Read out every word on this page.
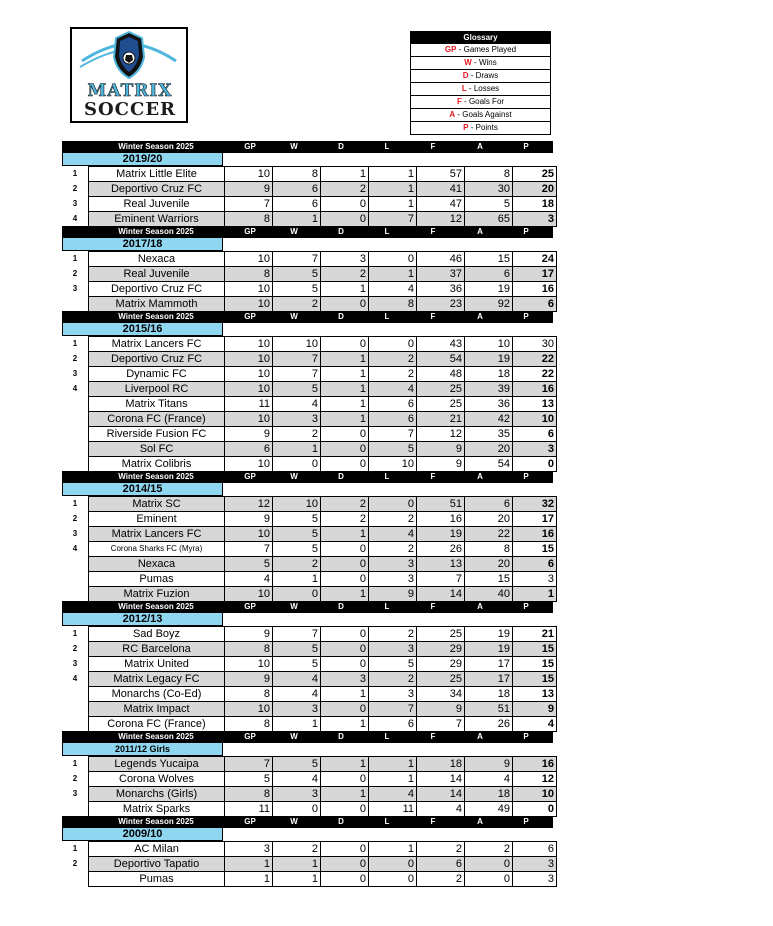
MATRIX
SOCCER
Glossary
GP - Games Played
W - Wins
D - Draws
L - Losses
F - Goals For
A - Goals Against
P - Points
Winter Season 2025	GP	W	D	L	F	A	P
2019/20
1	Matrix Little Elite	10	8	1	1	57	8	25
2	Deportivo Cruz FC	9	6	2	1	41	30	20
3	Real Juvenile	7	6	0	1	47	5	18
4	Eminent Warriors	8	1	0	7	12	65	3
Winter Season 2025	GP	W	D	L	F	A	P
2017/18
1	Nexaca	10	7	3	0	46	15	24
2	Real Juvenile	8	5	2	1	37	6	17
3	Deportivo Cruz FC	10	5	1	4	36	19	16
Matrix Mammoth	10	2	0	8	23	92	6
Winter Season 2025	GP	W	D	L	F	A	P
2015/16
1	Matrix Lancers FC	10	10	0	0	43	10	30
2	Deportivo Cruz FC	10	7	1	2	54	19	22
3	Dynamic FC	10	7	1	2	48	18	22
4	Liverpool RC	10	5	1	4	25	39	16
Matrix Titans	11	4	1	6	25	36	13
Corona FC (France)	10	3	1	6	21	42	10
Riverside Fusion FC	9	2	0	7	12	35	6
Sol FC	6	1	0	5	9	20	3
Matrix Colibris	10	0	0	10	9	54	0
Winter Season 2025	GP	W	D	L	F	A	P
2014/15
1	Matrix SC	12	10	2	0	51	6	32
2	Eminent	9	5	2	2	16	20	17
3	Matrix Lancers FC	10	5	1	4	19	22	16
4	Corona Sharks FC (Myra)	7	5	0	2	26	8	15
Nexaca	5	2	0	3	13	20	6
Pumas	4	1	0	3	7	15	3
Matrix Fuzion	10	0	1	9	14	40	1
Winter Season 2025	GP	W	D	L	F	A	P
2012/13
1	Sad Boyz	9	7	0	2	25	19	21
2	RC Barcelona	8	5	0	3	29	19	15
3	Matrix United	10	5	0	5	29	17	15
4	Matrix Legacy FC	9	4	3	2	25	17	15
Monarchs (Co-Ed)	8	4	1	3	34	18	13
Matrix Impact	10	3	0	7	9	51	9
Corona FC (France)	8	1	1	6	7	26	4
Winter Season 2025	GP	W	D	L	F	A	P
2011/12 Girls
1	Legends Yucaipa	7	5	1	1	18	9	16
2	Corona Wolves	5	4	0	1	14	4	12
3	Monarchs (Girls)	8	3	1	4	14	18	10
Matrix Sparks	11	0	0	11	4	49	0
Winter Season 2025	GP	W	D	L	F	A	P
2009/10
1	AC Milan	3	2	0	1	2	2	6
2	Deportivo Tapatio	1	1	0	0	6	0	3
Pumas	1	1	0	0	2	0	3
